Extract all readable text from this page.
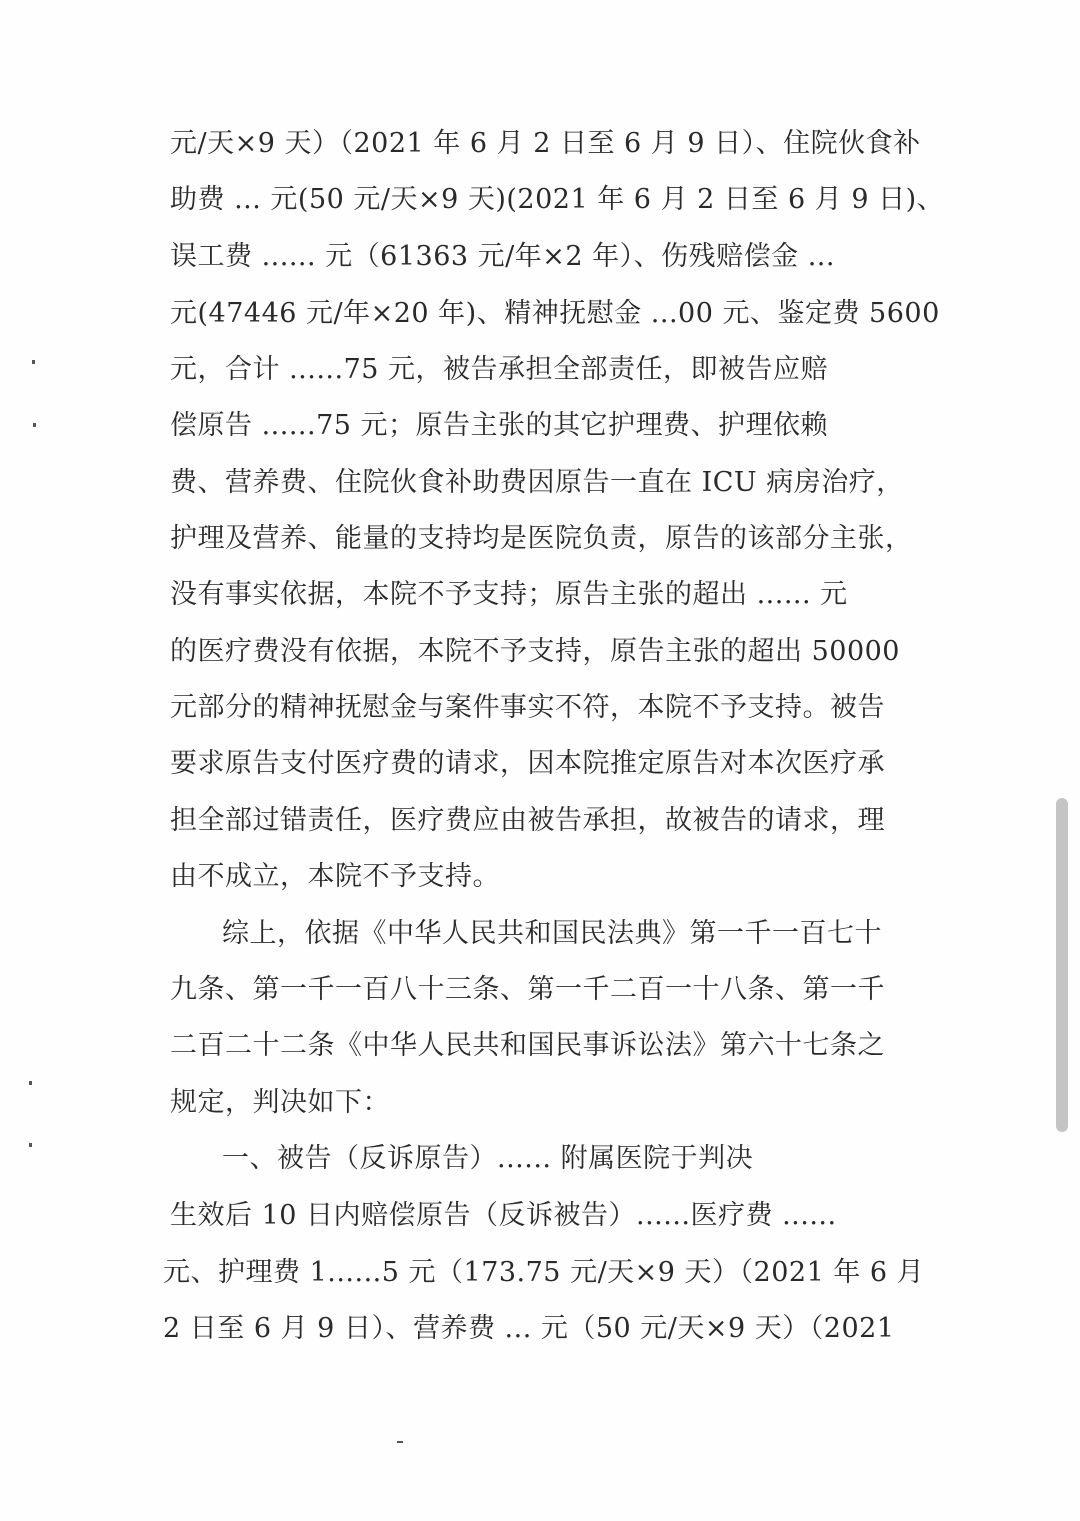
元/天×9 天）（2021 年 6 月 2 日至 6 月 9 日）、住院伙食补
助费 ... 元(50 元/天×9 天)(2021 年 6 月 2 日至 6 月 9 日)、
误工费 ...... 元（61363 元/年×2 年）、伤残赔偿金 ...
元(47446 元/年×20 年)、精神抚慰金 ...00 元、鉴定费 5600
元，合计 ......75 元，被告承担全部责任，即被告应赔
偿原告 ......75 元；原告主张的其它护理费、护理依赖
费、营养费、住院伙食补助费因原告一直在 ICU 病房治疗，
护理及营养、能量的支持均是医院负责，原告的该部分主张，
没有事实依据，本院不予支持；原告主张的超出 ...... 元
的医疗费没有依据，本院不予支持，原告主张的超出 50000
元部分的精神抚慰金与案件事实不符，本院不予支持。被告
要求原告支付医疗费的请求，因本院推定原告对本次医疗承
担全部过错责任，医疗费应由被告承担，故被告的请求，理
由不成立，本院不予支持。
综上，依据《中华人民共和国民法典》第一千一百七十
九条、第一千一百八十三条、第一千二百一十八条、第一千
二百二十二条《中华人民共和国民事诉讼法》第六十七条之
规定，判决如下：
一、被告（反诉原告）...... 附属医院于判决
生效后 10 日内赔偿原告（反诉被告）......医疗费 ......
元、护理费 1......5 元（173.75 元/天×9 天）（2021 年 6 月
2 日至 6 月 9 日）、营养费 ... 元（50 元/天×9 天）（2021
